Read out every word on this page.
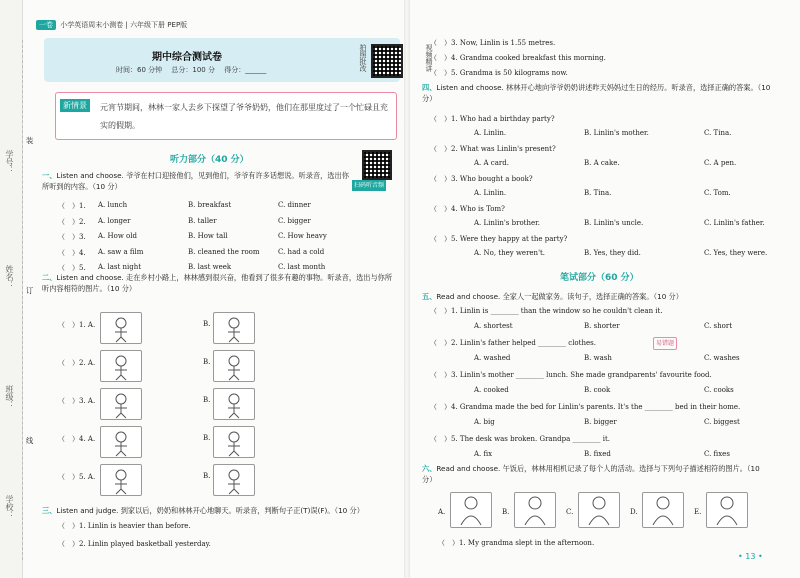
学号：
姓名：
班级：
学校：
装
订
线
一卷 小学英语周末小测卷 | 六年级下册 PEP版
期中综合测试卷
时间：60 分钟　 总分：100 分　 得分：______	拍照批改	视频精讲
新情景	元宵节期间，林林一家人去乡下探望了爷爷奶奶，他们在那里度过了一个忙碌且充实的假期。
听力部分（40 分）
扫码听音频
一、Listen and choose. 爷爷在村口迎接他们，见到他们，爷爷有许多话想说。听录音，选出你所听到的内容。（10 分）
（　）1. A. lunch	B. breakfast	C. dinner
（　）2. A. longer	B. taller	C. bigger
（　）3. A. How old	B. How tall	C. How heavy
（　）4. A. saw a film	B. cleaned the room	C. had a cold
（　）5. A. last night	B. last week	C. last month
二、Listen and choose. 走在乡村小路上，林林感到很兴奋，他看到了很多有趣的事物。听录音，选出与你所听内容相符的图片。（10 分）
（　）1. A.	B.
（　）2. A.	B.
（　）3. A.	B.
（　）4. A.	B.
（　）5. A.	B.
三、Listen and judge. 到家以后，奶奶和林林开心地聊天。听录音，判断句子正(T)误(F)。（10 分）
（　）1. Linlin is heavier than before.
（　）2. Linlin played basketball yesterday.
（　）3. Now, Linlin is 1.55 metres.
（　）4. Grandma cooked breakfast this morning.
（　）5. Grandma is 50 kilograms now.
四、Listen and choose. 林林开心地向爷爷奶奶讲述昨天妈妈过生日的经历。听录音，选择正确的答案。（10 分）
（　）1. Who had a birthday party?
A. Linlin.	B. Linlin's mother.	C. Tina.
（　）2. What was Linlin's present?
A. A card.	B. A cake.	C. A pen.
（　）3. Who bought a book?
A. Linlin.	B. Tina.	C. Tom.
（　）4. Who is Tom?
A. Linlin's brother.	B. Linlin's uncle.	C. Linlin's father.
（　）5. Were they happy at the party?
A. No, they weren't.	B. Yes, they did.	C. Yes, they were.
笔试部分（60 分）
五、Read and choose. 全家人一起做家务。读句子，选择正确的答案。（10 分）
（　）1. Linlin is ________ than the window so he couldn't clean it.
A. shortest	B. shorter	C. short
（　）2. Linlin's father helped ________ clothes.
A. washed	B. wash	C. washes
（　）3. Linlin's mother ________ lunch. She made grandparents' favourite food.
A. cooked	B. cook	C. cooks
（　）4. Grandma made the bed for Linlin's parents. It's the ________ bed in their home.
A. big	B. bigger	C. biggest
（　）5. The desk was broken. Grandpa ________ it.
A. fix	B. fixed	C. fixes
易错题
六、Read and choose. 午饭后，林林用相机记录了每个人的活动。选择与下列句子描述相符的图片。（10 分）
A.	B.	C.	D.	E.
（　）1. My grandma slept in the afternoon.
• 13 •
